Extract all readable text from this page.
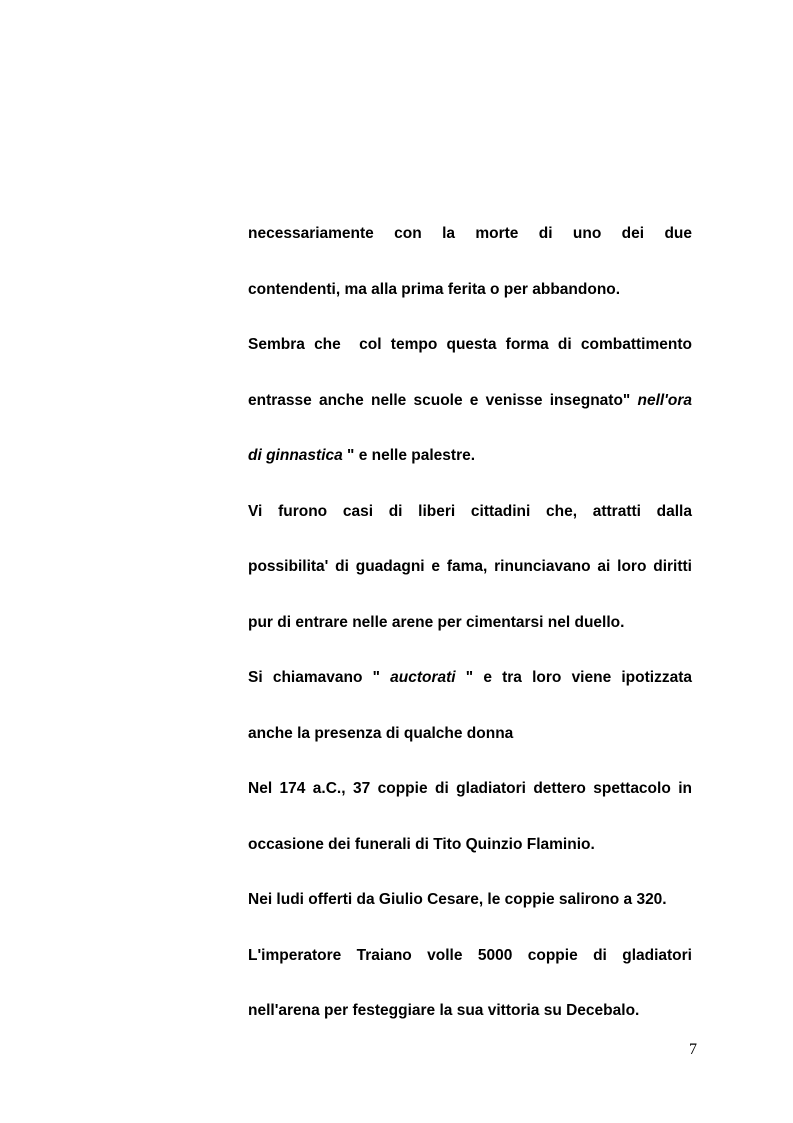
necessariamente con la morte di uno dei due
contendenti, ma alla prima ferita o per abbandono.
Sembra che  col tempo questa forma di combattimento
entrasse anche nelle scuole e venisse insegnato" nell'ora
di ginnastica " e nelle palestre.
Vi furono casi di liberi cittadini che, attratti dalla
possibilita' di guadagni e fama, rinunciavano ai loro diritti
pur di entrare nelle arene per cimentarsi nel duello.
Si chiamavano " auctorati " e tra loro viene ipotizzata
anche la presenza di qualche donna
Nel 174 a.C., 37 coppie di gladiatori dettero spettacolo in
occasione dei funerali di Tito Quinzio Flaminio.
Nei ludi offerti da Giulio Cesare, le coppie salirono a 320.
L'imperatore Traiano volle 5000 coppie di gladiatori
nell'arena per festeggiare la sua vittoria su Decebalo.
7
